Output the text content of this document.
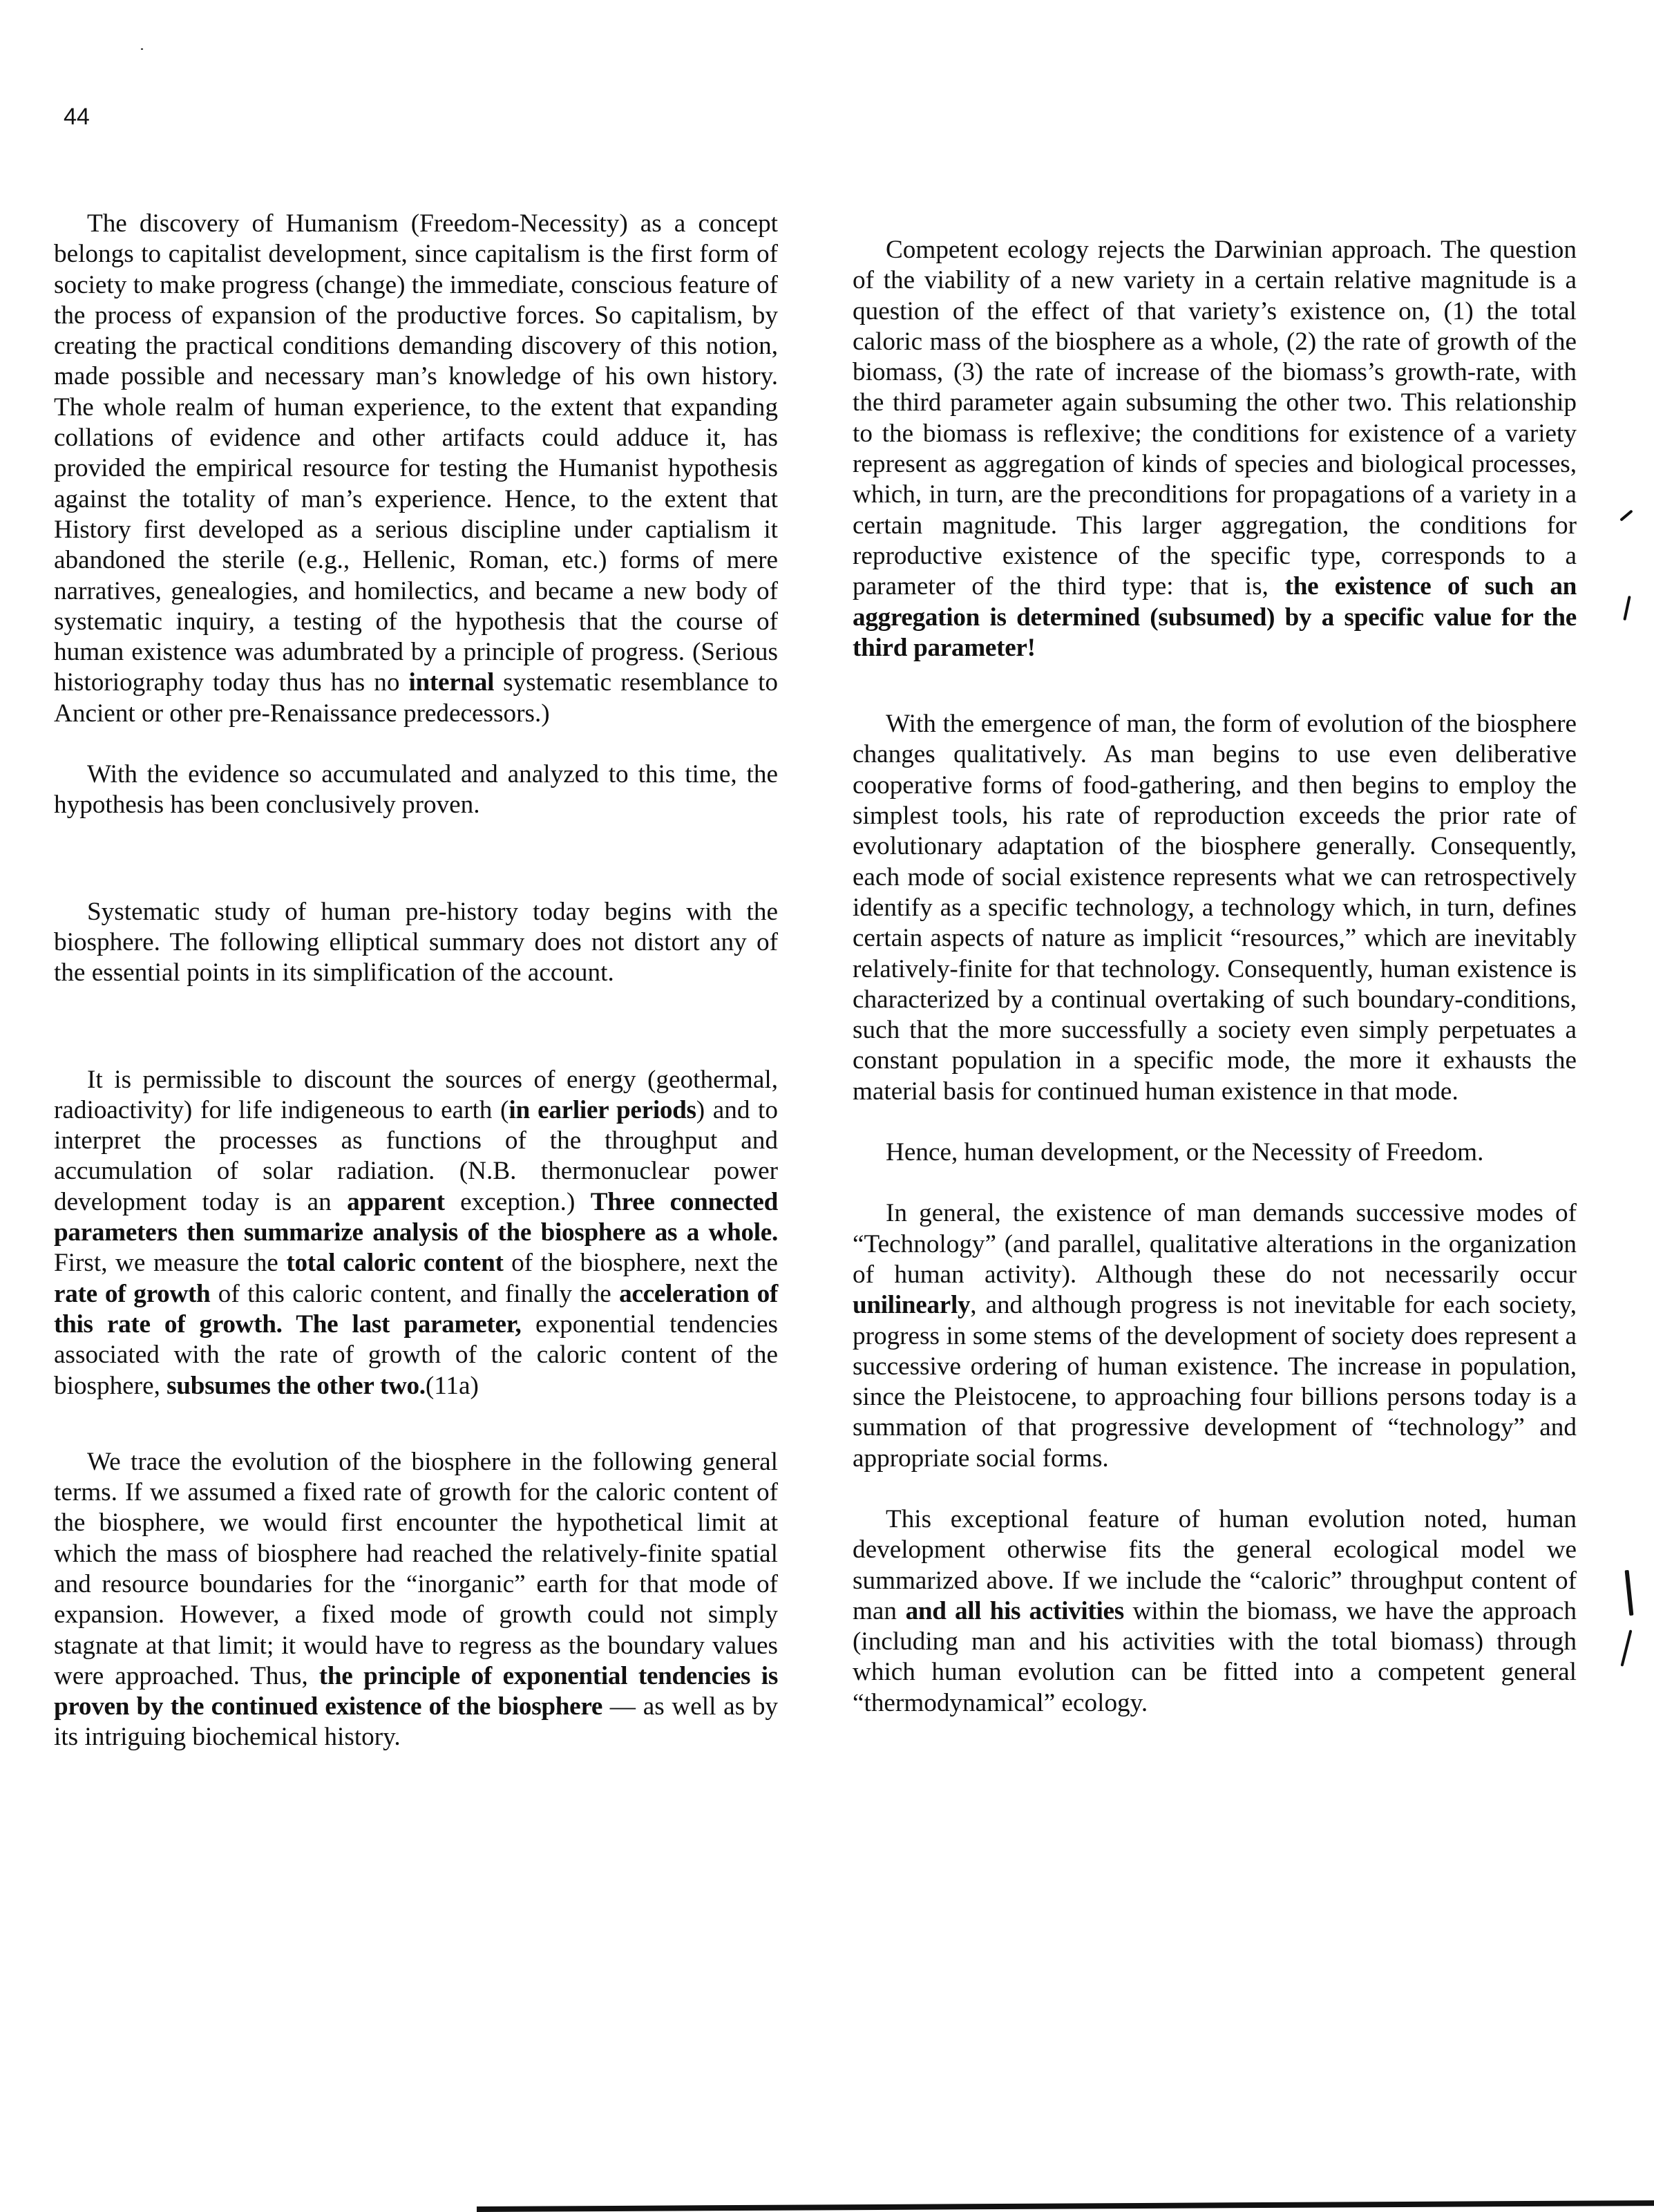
44

The discovery of Humanism (Freedom-Necessity) as a concept belongs to capitalist development, since capitalism is the first form of society to make progress (change) the immediate, conscious feature of the process of expansion of the productive forces. So capitalism, by creating the practical conditions demanding discovery of this notion, made possible and necessary man’s knowledge of his own history. The whole realm of human experience, to the extent that expanding collations of evidence and other artifacts could adduce it, has provided the empirical resource for testing the Humanist hypothesis against the totality of man’s experience. Hence, to the extent that History first developed as a serious discipline under captialism it abandoned the sterile (e.g., Hellenic, Roman, etc.) forms of mere narratives, genealogies, and homilectics, and became a new body of systematic inquiry, a testing of the hypothesis that the course of human existence was adumbrated by a principle of progress. (Serious historiography today thus has no internal systematic resemblance to Ancient or other pre-Renaissance predecessors.)

With the evidence so accumulated and analyzed to this time, the hypothesis has been conclusively proven.

Systematic study of human pre-history today begins with the biosphere. The following elliptical summary does not distort any of the essential points in its simplification of the account.

It is permissible to discount the sources of energy (geothermal, radioactivity) for life indigeneous to earth (in earlier periods) and to interpret the processes as functions of the throughput and accumulation of solar radiation. (N.B. thermonuclear power development today is an apparent exception.) Three connected parameters then summarize analysis of the biosphere as a whole. First, we measure the total caloric content of the biosphere, next the rate of growth of this caloric content, and finally the acceleration of this rate of growth. The last parameter, exponential tendencies associated with the rate of growth of the caloric content of the biosphere, subsumes the other two.(11a)

We trace the evolution of the biosphere in the following general terms. If we assumed a fixed rate of growth for the caloric content of the biosphere, we would first encounter the hypothetical limit at which the mass of biosphere had reached the relatively-finite spatial and resource boundaries for the “inorganic” earth for that mode of expansion. However, a fixed mode of growth could not simply stagnate at that limit; it would have to regress as the boundary values were approached. Thus, the principle of exponential tendencies is proven by the continued existence of the biosphere — as well as by its intriguing biochemical history.

Competent ecology rejects the Darwinian approach. The question of the viability of a new variety in a certain relative magnitude is a question of the effect of that variety’s existence on, (1) the total caloric mass of the biosphere as a whole, (2) the rate of growth of the biomass, (3) the rate of increase of the biomass’s growth-rate, with the third parameter again subsuming the other two. This relationship to the biomass is reflexive; the conditions for existence of a variety represent as aggregation of kinds of species and biological processes, which, in turn, are the preconditions for propagations of a variety in a certain magnitude. This larger aggregation, the conditions for reproductive existence of the specific type, corresponds to a parameter of the third type: that is, the existence of such an aggregation is determined (subsumed) by a specific value for the third parameter!

With the emergence of man, the form of evolution of the biosphere changes qualitatively. As man begins to use even deliberative cooperative forms of food-gathering, and then begins to employ the simplest tools, his rate of reproduction exceeds the prior rate of evolutionary adaptation of the biosphere generally. Consequently, each mode of social existence represents what we can retrospectively identify as a specific technology, a technology which, in turn, defines certain aspects of nature as implicit “resources,” which are inevitably relatively-finite for that technology. Consequently, human existence is characterized by a continual overtaking of such boundary-conditions, such that the more successfully a society even simply perpetuates a constant population in a specific mode, the more it exhausts the material basis for continued human existence in that mode.

Hence, human development, or the Necessity of Freedom.

In general, the existence of man demands successive modes of “Technology” (and parallel, qualitative alterations in the organization of human activity). Although these do not necessarily occur unilinearly, and although progress is not inevitable for each society, progress in some stems of the development of society does represent a successive ordering of human existence. The increase in population, since the Pleistocene, to approaching four billions persons today is a summation of that progressive development of “technology” and appropriate social forms.

This exceptional feature of human evolution noted, human development otherwise fits the general ecological model we summarized above. If we include the “caloric” throughput content of man and all his activities within the biomass, we have the approach (including man and his activities with the total biomass) through which human evolution can be fitted into a competent general “thermodynamical” ecology.
